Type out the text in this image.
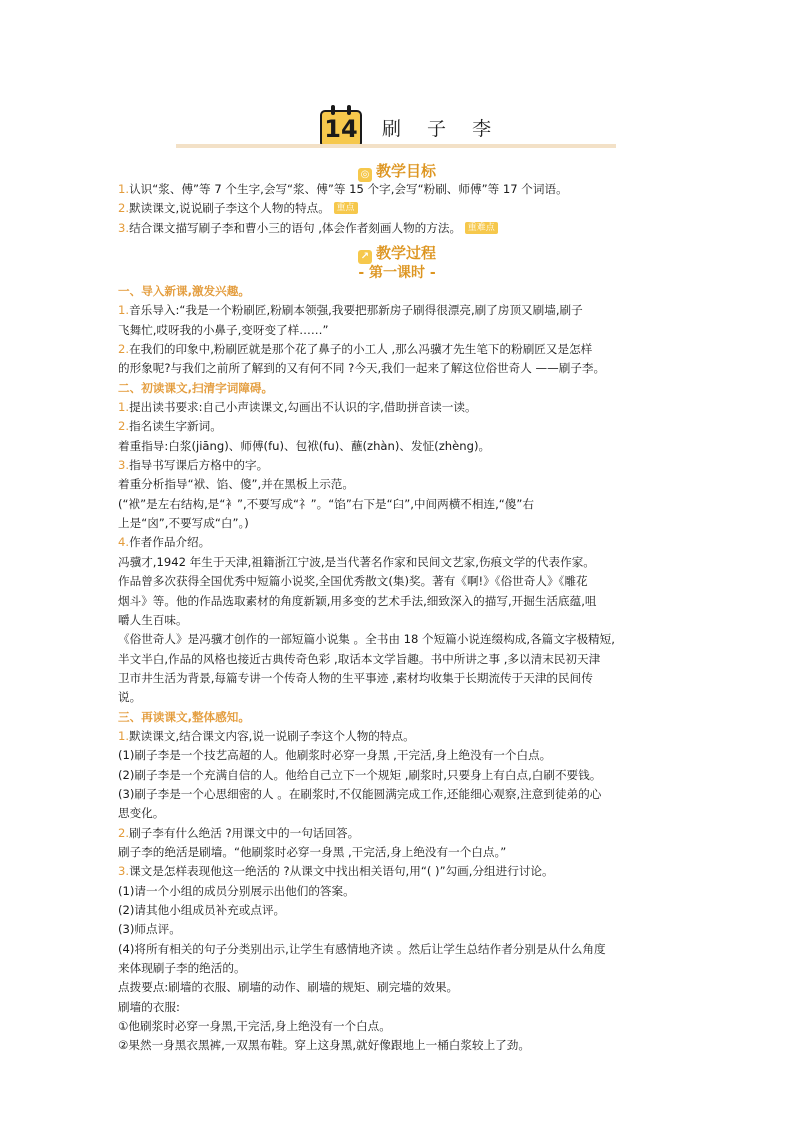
14 刷 子 李
◎ 教学目标
↗ 教学过程
- 第一课时 -

1.认识“浆、傅”等 7 个生字,会写“浆、傅”等 15 个字,会写“粉刷、师傅”等 17 个词语。

2.默读课文,说说刷子李这个人物的特点。 重点

3.结合课文描写刷子李和曹小三的语句 ,体会作者刻画人物的方法。 重难点

一、导入新课,激发兴趣。

1.音乐导入:“我是一个粉刷匠,粉刷本领强,我要把那新房子刷得很漂亮,刷了房顶又刷墙,刷子

飞舞忙,哎呀我的小鼻子,变呀变了样……”

2.在我们的印象中,粉刷匠就是那个花了鼻子的小工人 ,那么冯骥才先生笔下的粉刷匠又是怎样

的形象呢?与我们之前所了解到的又有何不同 ?今天,我们一起来了解这位俗世奇人 ——刷子李。

二、初读课文,扫清字词障碍。

1.提出读书要求:自己小声读课文,勾画出不认识的字,借助拼音读一读。

2.指名读生字新词。

着重指导:白浆(jiāng)、师傅(fu)、包袱(fu)、蘸(zhàn)、发怔(zhèng)。

3.指导书写课后方格中的字。

着重分析指导“袱、馅、傻”,并在黑板上示范。

(“袱”是左右结构,是“衤”,不要写成“礻”。“馅”右下是“臼”,中间两横不相连,“傻”右

上是“囟”,不要写成“白”。)

4.作者作品介绍。

冯骥才,1942 年生于天津,祖籍浙江宁波,是当代著名作家和民间文艺家,伤痕文学的代表作家。

作品曾多次获得全国优秀中短篇小说奖,全国优秀散文(集)奖。著有《啊!》《俗世奇人》《雕花

烟斗》等。他的作品选取素材的角度新颖,用多变的艺术手法,细致深入的描写,开掘生活底蕴,咀

嚼人生百味。

《俗世奇人》是冯骥才创作的一部短篇小说集 。全书由 18 个短篇小说连缀构成,各篇文字极精短,

半文半白,作品的风格也接近古典传奇色彩 ,取话本文学旨趣。书中所讲之事 ,多以清末民初天津

卫市井生活为背景,每篇专讲一个传奇人物的生平事迹 ,素材均收集于长期流传于天津的民间传

说。

三、再读课文,整体感知。

1.默读课文,结合课文内容,说一说刷子李这个人物的特点。

(1)刷子李是一个技艺高超的人。他刷浆时必穿一身黑 ,干完活,身上绝没有一个白点。

(2)刷子李是一个充满自信的人。他给自己立下一个规矩 ,刷浆时,只要身上有白点,白刷不要钱。

(3)刷子李是一个心思细密的人 。在刷浆时,不仅能圆满完成工作,还能细心观察,注意到徒弟的心

思变化。

2.刷子李有什么绝活 ?用课文中的一句话回答。

刷子李的绝活是刷墙。“他刷浆时必穿一身黑 ,干完活,身上绝没有一个白点。”

3.课文是怎样表现他这一绝活的 ?从课文中找出相关语句,用“( )”勾画,分组进行讨论。

(1)请一个小组的成员分别展示出他们的答案。

(2)请其他小组成员补充或点评。

(3)师点评。

(4)将所有相关的句子分类别出示,让学生有感情地齐读 。然后让学生总结作者分别是从什么角度

来体现刷子李的绝活的。

点拨要点:刷墙的衣服、刷墙的动作、刷墙的规矩、刷完墙的效果。

刷墙的衣服:

①他刷浆时必穿一身黑,干完活,身上绝没有一个白点。

②果然一身黑衣黑裤,一双黑布鞋。穿上这身黑,就好像跟地上一桶白浆较上了劲。
